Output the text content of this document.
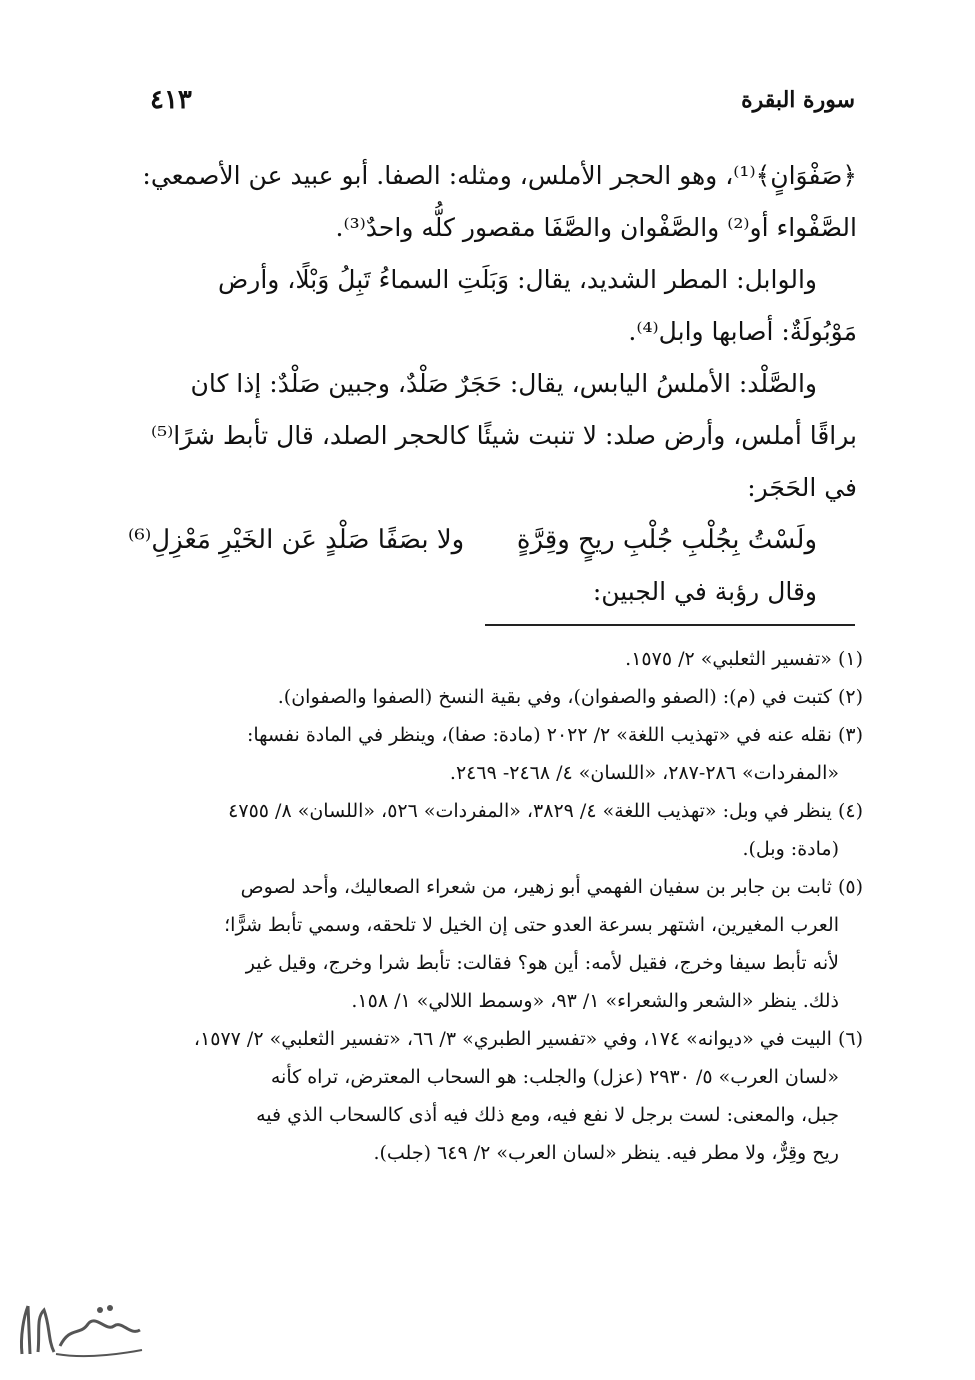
سورة البقرة
٤١٣

﴿صَفْوَانٍ﴾⁽¹⁾، وهو الحجر الأملس، ومثله: الصفا. أبو عبيد عن الأصمعي:

الصَّفْواء أو⁽²⁾ والصَّفْوان والصَّفَا مقصور كلُّه واحدٌ⁽³⁾.

والوابل: المطر الشديد، يقال: وَبَلَتِ السماءُ تَبِلُ وَبْلًا، وأرض

مَوْبُولَةٌ: أصابها وابل⁽⁴⁾.

والصَّلْد: الأملسُ اليابس، يقال: حَجَرٌ صَلْدٌ، وجبين صَلْدٌ: إذا كان

براقًا أملس، وأرض صلد: لا تنبت شيئًا كالحجر الصلد، قال تأبط شرًا⁽⁵⁾

في الحَجَر:

ولَسْتُ بِجُلْبِ جُلْبِ ريحٍ وقِرَّةٍ
ولا بصَفًا صَلْدٍ عَن الخَيْرِ مَعْزِلِ⁽⁶⁾

وقال رؤبة في الجبين:

(١)«تفسير الثعلبي» ٢/ ١٥٧٥.

(٢)كتبت في (م): (الصفو والصفوان)، وفي بقية النسخ (الصفوا والصفوان).

(٣)نقله عنه في «تهذيب اللغة» ٢/ ٢٠٢٢ (مادة: صفا)، وينظر في المادة نفسها:

«المفردات» ٢٨٦-٢٨٧، «اللسان» ٤/ ٢٤٦٨- ٢٤٦٩.

(٤)ينظر في وبل: «تهذيب اللغة» ٤/ ٣٨٢٩، «المفردات» ٥٢٦، «اللسان» ٨/ ٤٧٥٥

(مادة: وبل).

(٥)ثابت بن جابر بن سفيان الفهمي أبو زهير، من شعراء الصعاليك، وأحد لصوص

العرب المغيرين، اشتهر بسرعة العدو حتى إن الخيل لا تلحقه، وسمي تأبط شرًّا؛

لأنه تأبط سيفا وخرج، فقيل لأمه: أين هو؟ فقالت: تأبط شرا وخرج، وقيل غير

ذلك. ينظر «الشعر والشعراء» ١/ ٩٣، «وسمط اللالي» ١/ ١٥٨.

(٦)البيت في «ديوانه» ١٧٤، وفي «تفسير الطبري» ٣/ ٦٦، «تفسير الثعلبي» ٢/ ١٥٧٧،

«لسان العرب» ٥/ ٢٩٣٠ (عزل) والجلب: هو السحاب المعترض، تراه كأنه

جبل، والمعنى: لست برجل لا نفع فيه، ومع ذلك فيه أذى كالسحاب الذي فيه

ريح وقِرٌّ، ولا مطر فيه. ينظر «لسان العرب» ٢/ ٦٤٩ (جلب).
